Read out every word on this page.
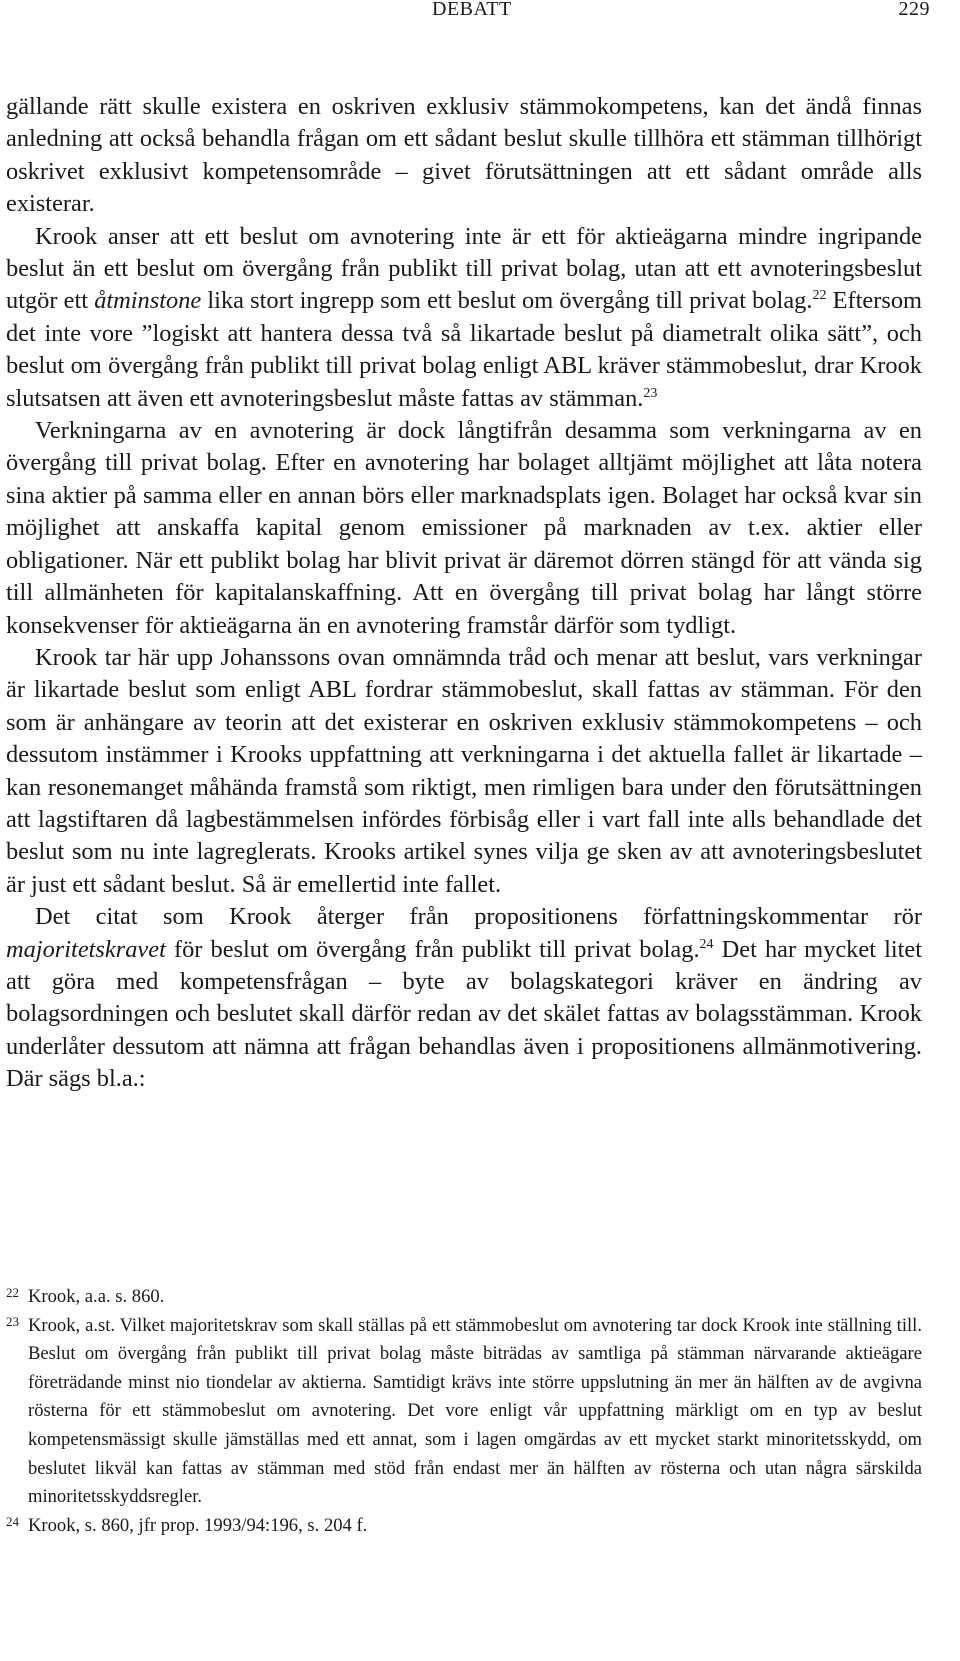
DEBATT	229

gällande rätt skulle existera en oskriven exklusiv stämmokompetens, kan det ändå finnas anledning att också behandla frågan om ett sådant beslut skulle tillhöra ett stämman tillhörigt oskrivet exklusivt kompetensområde – givet förutsättningen att ett sådant område alls existerar.

Krook anser att ett beslut om avnotering inte är ett för aktieägarna mindre ingripande beslut än ett beslut om övergång från publikt till privat bolag, utan att ett avnoteringsbeslut utgör ett åtminstone lika stort ingrepp som ett beslut om övergång till privat bolag.$^{22}$ Eftersom det inte vore ”logiskt att hantera dessa två så likartade beslut på diametralt olika sätt”, och beslut om övergång från publikt till privat bolag enligt ABL kräver stämmobeslut, drar Krook slutsatsen att även ett avnoteringsbeslut måste fattas av stämman.$^{23}$

Verkningarna av en avnotering är dock långtifrån desamma som verkningarna av en övergång till privat bolag. Efter en avnotering har bolaget alltjämt möjlighet att låta notera sina aktier på samma eller en annan börs eller marknadsplats igen. Bolaget har också kvar sin möjlighet att anskaffa kapital genom emissioner på marknaden av t.ex. aktier eller obligationer. När ett publikt bolag har blivit privat är däremot dörren stängd för att vända sig till allmänheten för kapitalanskaffning. Att en övergång till privat bolag har långt större konsekvenser för aktieägarna än en avnotering framstår därför som tydligt.

Krook tar här upp Johanssons ovan omnämnda tråd och menar att beslut, vars verkningar är likartade beslut som enligt ABL fordrar stämmobeslut, skall fattas av stämman. För den som är anhängare av teorin att det existerar en oskriven exklusiv stämmokompetens – och dessutom instämmer i Krooks uppfattning att verkningarna i det aktuella fallet är likartade – kan resonemanget måhända framstå som riktigt, men rimligen bara under den förutsättningen att lagstiftaren då lagbestämmelsen infördes förbisåg eller i vart fall inte alls behandlade det beslut som nu inte lagreglerats. Krooks artikel synes vilja ge sken av att avnoteringsbeslutet är just ett sådant beslut. Så är emellertid inte fallet.

Det citat som Krook återger från propositionens författningskommentar rör majoritetskravet för beslut om övergång från publikt till privat bolag.$^{24}$ Det har mycket litet att göra med kompetensfrågan – byte av bolagskategori kräver en ändring av bolagsordningen och beslutet skall därför redan av det skälet fattas av bolagsstämman. Krook underlåter dessutom att nämna att frågan behandlas även i propositionens allmänmotivering. Där sägs bl.a.:

22 Krook, a.a. s. 860.

23 Krook, a.st. Vilket majoritetskrav som skall ställas på ett stämmobeslut om avnotering tar dock Krook inte ställning till. Beslut om övergång från publikt till privat bolag måste biträdas av samtliga på stämman närvarande aktieägare företrädande minst nio tiondelar av aktierna. Samtidigt krävs inte större uppslutning än mer än hälften av de avgivna rösterna för ett stämmobeslut om avnotering. Det vore enligt vår uppfattning märkligt om en typ av beslut kompetensmässigt skulle jämställas med ett annat, som i lagen omgärdas av ett mycket starkt minoritetsskydd, om beslutet likväl kan fattas av stämman med stöd från endast mer än hälften av rösterna och utan några särskilda minoritetsskyddsregler.

24 Krook, s. 860, jfr prop. 1993/94:196, s. 204 f.
